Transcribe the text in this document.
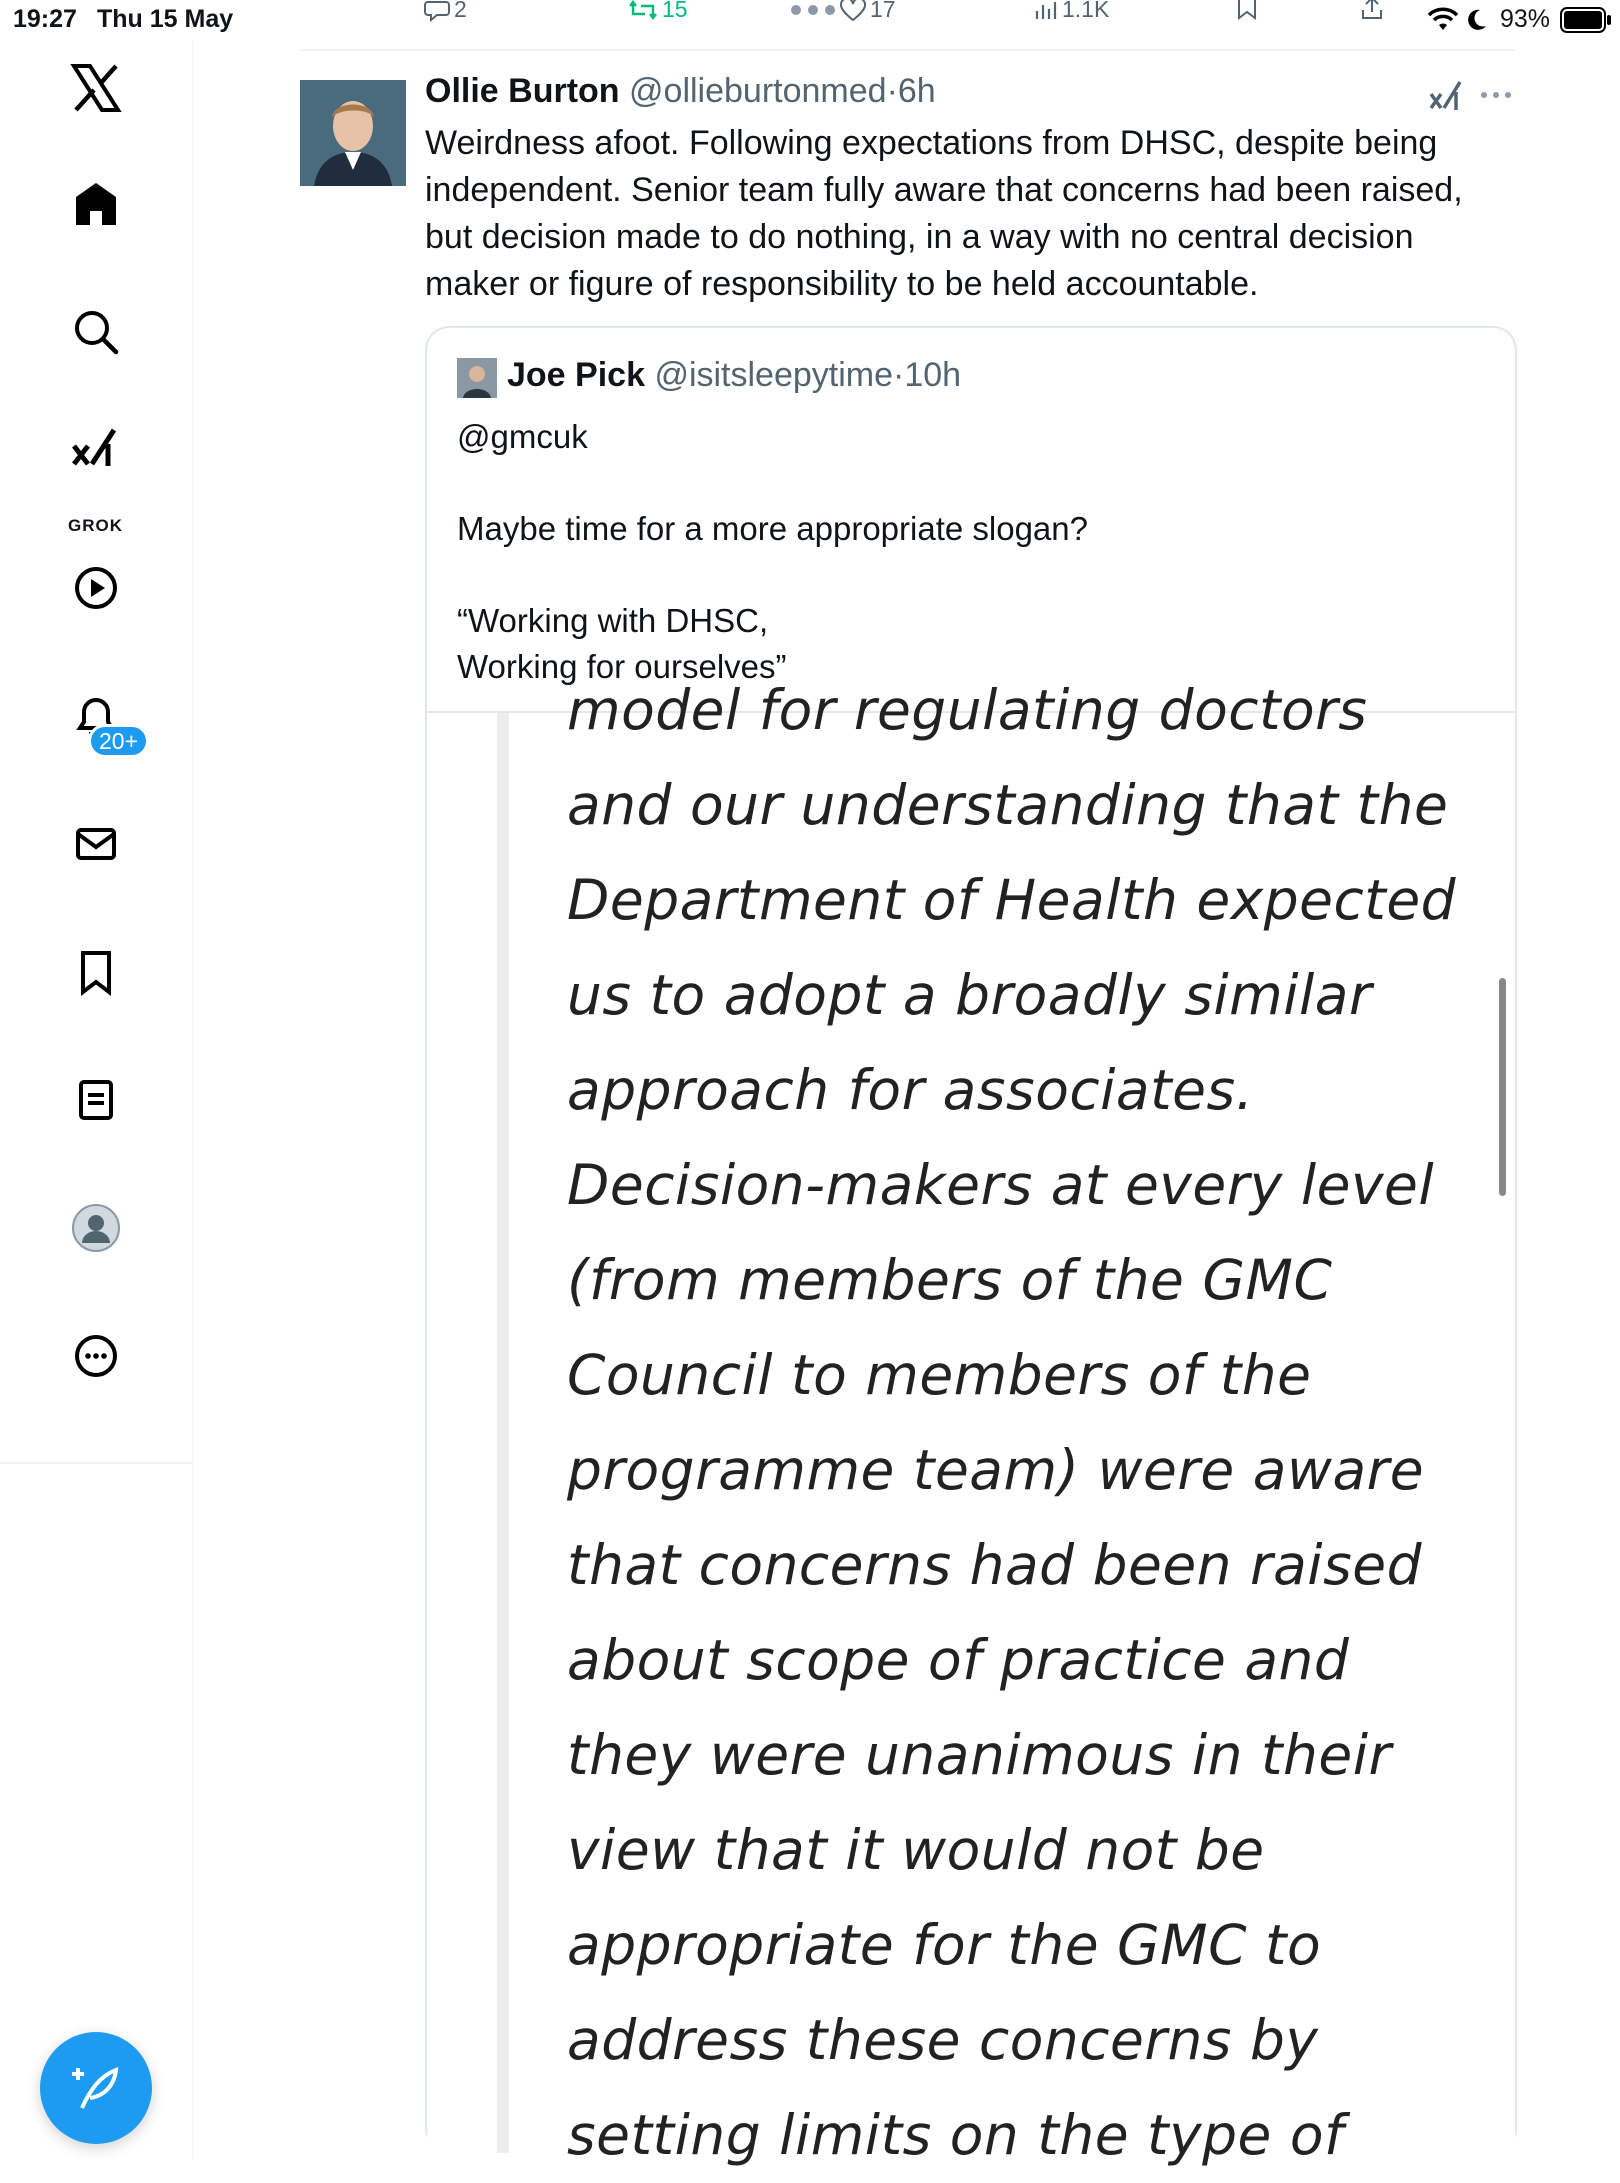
19:27 Thu 15 May	93%
2	15	17	1.1K
GROK
20+
Ollie Burton @ollieburtonmed·6h
Weirdness afoot. Following expectations from DHSC, despite being independent. Senior team fully aware that concerns had been raised, but decision made to do nothing, in a way with no central decision maker or figure of responsibility to be held accountable.
Joe Pick @isitsleepytime·10h

@gmcuk

Maybe time for a more appropriate slogan?

“Working with DHSC,

Working for ourselves”

model for regulating doctors
and our understanding that the
Department of Health expected
us to adopt a broadly similar
approach for associates.
Decision-makers at every level
(from members of the GMC
Council to members of the
programme team) were aware
that concerns had been raised
about scope of practice and
they were unanimous in their
view that it would not be
appropriate for the GMC to
address these concerns by
setting limits on the type of
